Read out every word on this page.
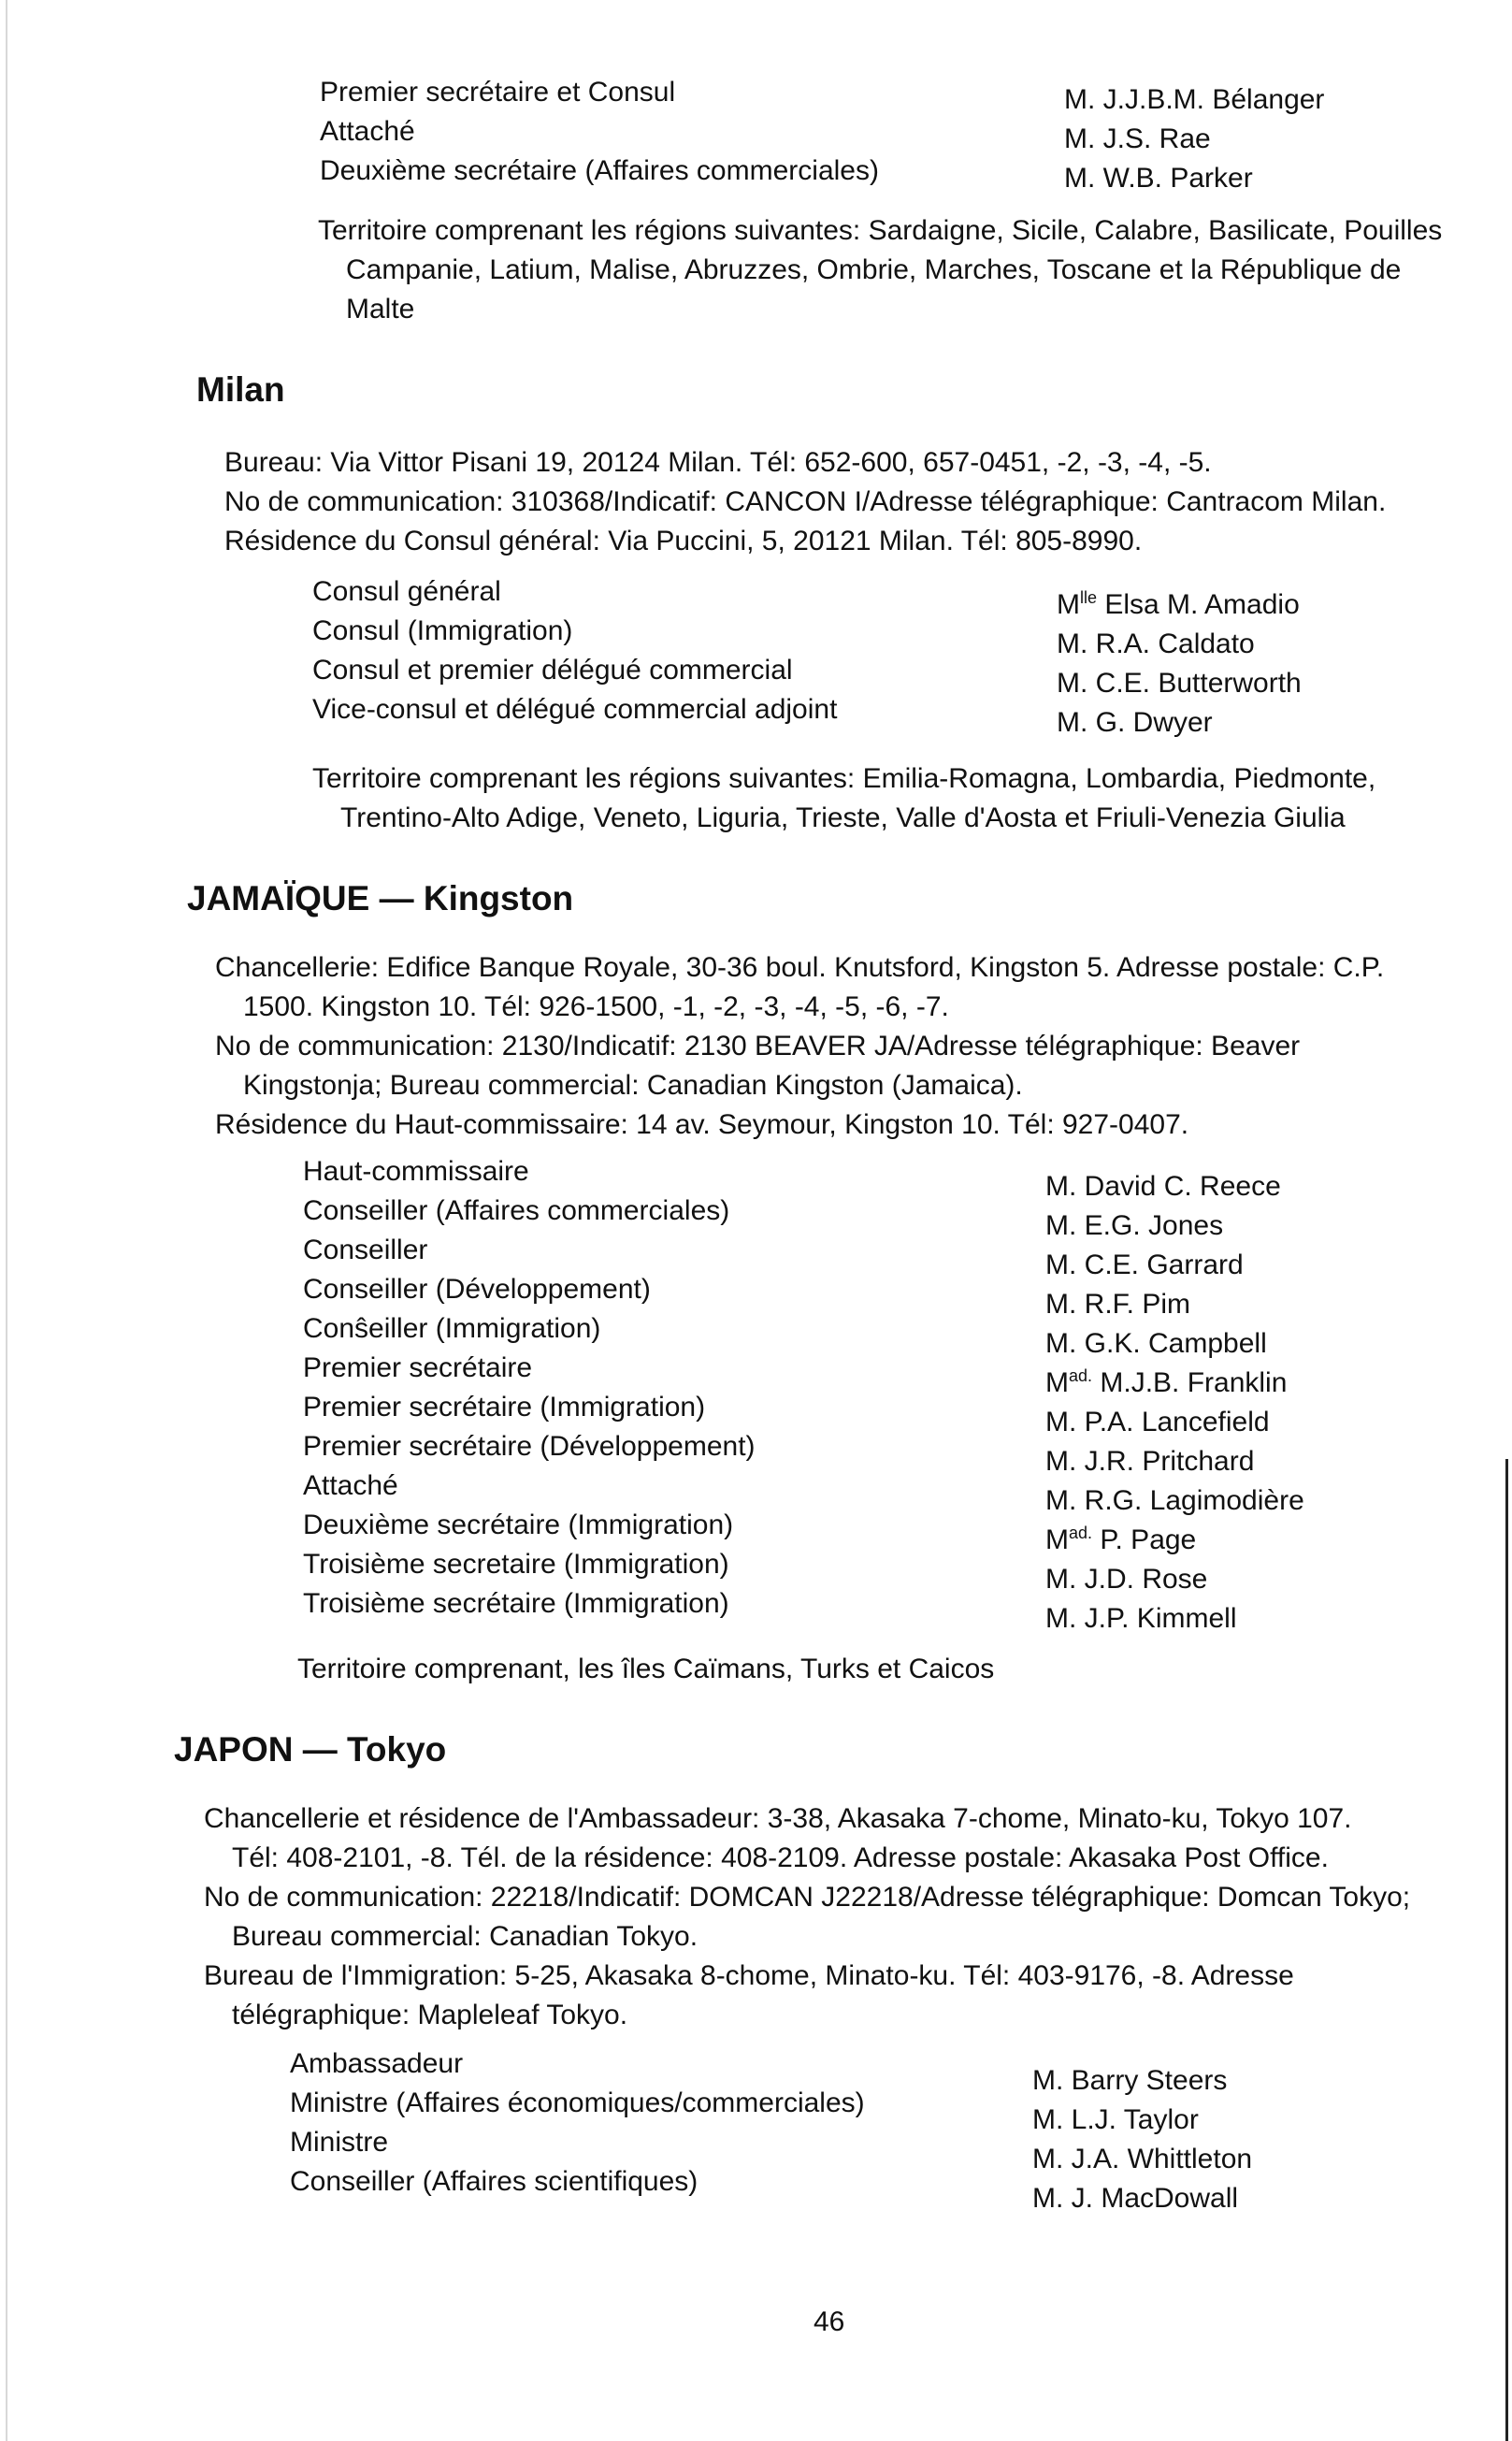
Premier secrétaire et Consul
Attaché
Deuxième secrétaire (Affaires commerciales)
M. J.J.B.M. Bélanger
M. J.S. Rae
M. W.B. Parker
Territoire comprenant les régions suivantes: Sardaigne, Sicile, Calabre, Basilicate, Pouilles
Campanie, Latium, Malise, Abruzzes, Ombrie, Marches, Toscane et la République de
Malte
Milan
Bureau: Via Vittor Pisani 19, 20124 Milan. Tél: 652-600, 657-0451, -2, -3, -4, -5.
No de communication: 310368/Indicatif: CANCON I/Adresse télégraphique: Cantracom Milan.
Résidence du Consul général: Via Puccini, 5, 20121 Milan. Tél: 805-8990.
Consul général
Consul (Immigration)
Consul et premier délégué commercial
Vice-consul et délégué commercial adjoint
$M^{lle}$ Elsa M. Amadio
M. R.A. Caldato
M. C.E. Butterworth
M. G. Dwyer
Territoire comprenant les régions suivantes: Emilia-Romagna, Lombardia, Piedmonte,
Trentino-Alto Adige, Veneto, Liguria, Trieste, Valle d'Aosta et Friuli-Venezia Giulia
JAMAÏQUE — Kingston
Chancellerie: Edifice Banque Royale, 30-36 boul. Knutsford, Kingston 5. Adresse postale: C.P.
1500. Kingston 10. Tél: 926-1500, -1, -2, -3, -4, -5, -6, -7.
No de communication: 2130/Indicatif: 2130 BEAVER JA/Adresse télégraphique: Beaver
Kingstonja; Bureau commercial: Canadian Kingston (Jamaica).
Résidence du Haut-commissaire: 14 av. Seymour, Kingston 10. Tél: 927-0407.
Haut-commissaire
Conseiller (Affaires commerciales)
Conseiller
Conseiller (Développement)
Conŝeiller (Immigration)
Premier secrétaire
Premier secrétaire (Immigration)
Premier secrétaire (Développement)
Attaché
Deuxième secrétaire (Immigration)
Troisième secretaire (Immigration)
Troisième secrétaire (Immigration)
M. David C. Reece
M. E.G. Jones
M. C.E. Garrard
M. R.F. Pim
M. G.K. Campbell
$M^{ad.}$ M.J.B. Franklin
M. P.A. Lancefield
M. J.R. Pritchard
M. R.G. Lagimodière
$M^{ad.}$ P. Page
M. J.D. Rose
M. J.P. Kimmell
Territoire comprenant, les îles Caïmans, Turks et Caicos
JAPON — Tokyo
Chancellerie et résidence de l'Ambassadeur: 3-38, Akasaka 7-chome, Minato-ku, Tokyo 107.
Tél: 408-2101, -8. Tél. de la résidence: 408-2109. Adresse postale: Akasaka Post Office.
No de communication: 22218/Indicatif: DOMCAN J22218/Adresse télégraphique: Domcan Tokyo;
Bureau commercial: Canadian Tokyo.
Bureau de l'Immigration: 5-25, Akasaka 8-chome, Minato-ku. Tél: 403-9176, -8. Adresse
télégraphique: Mapleleaf Tokyo.
Ambassadeur
Ministre (Affaires économiques/commerciales)
Ministre
Conseiller (Affaires scientifiques)
M. Barry Steers
M. L.J. Taylor
M. J.A. Whittleton
M. J. MacDowall
46
